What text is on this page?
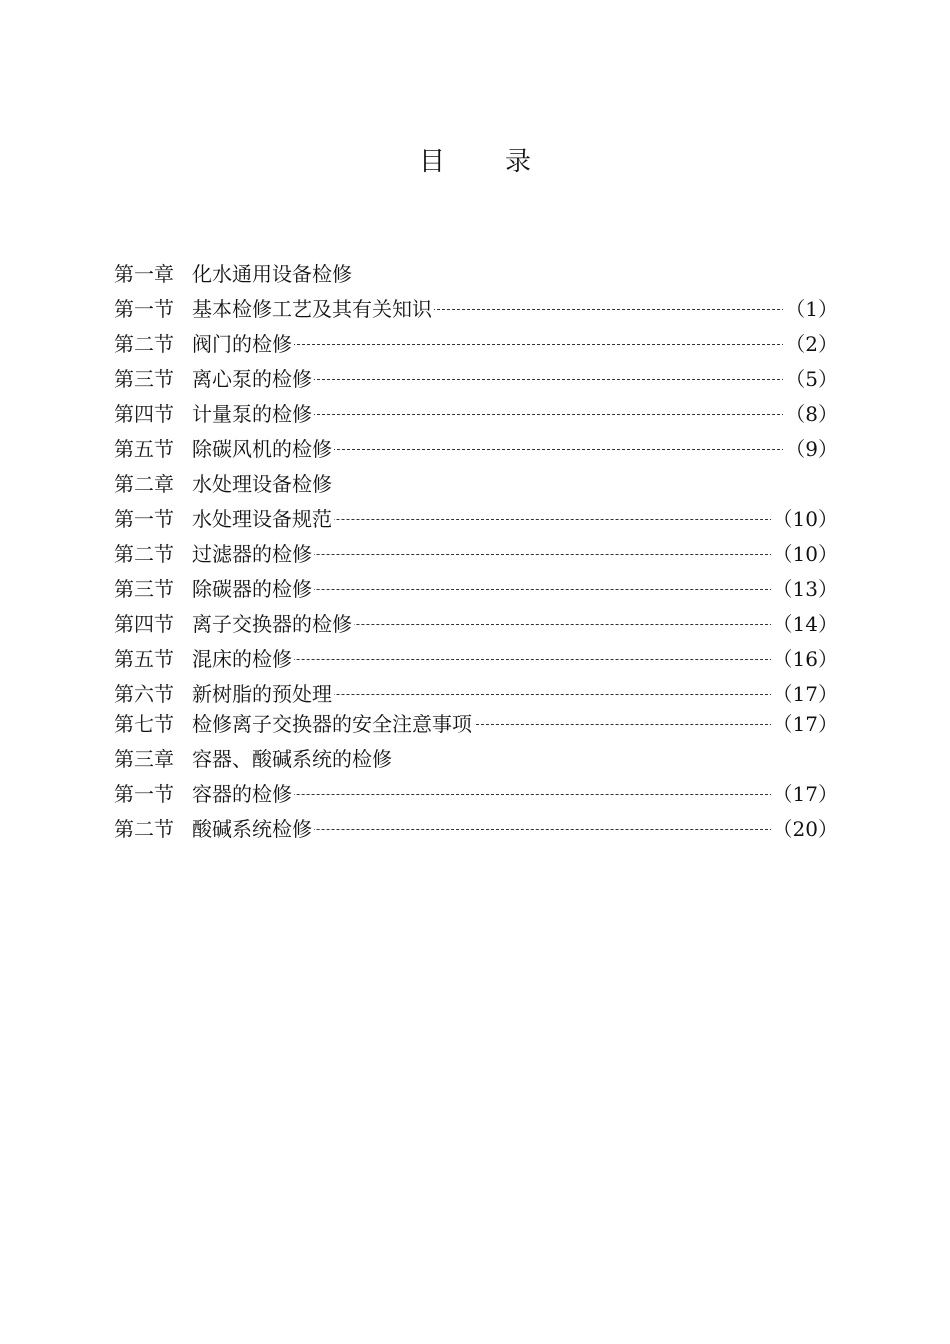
目 录
第一章 化水通用设备检修
第一节 基本检修工艺及其有关知识	（1）
第二节 阀门的检修	（2）
第三节 离心泵的检修	（5）
第四节 计量泵的检修	（8）
第五节 除碳风机的检修	（9）
第二章 水处理设备检修
第一节 水处理设备规范	（10）
第二节 过滤器的检修	（10）
第三节 除碳器的检修	（13）
第四节 离子交换器的检修	（14）
第五节 混床的检修	（16）
第六节 新树脂的预处理	（17）
第七节 检修离子交换器的安全注意事项	（17）
第三章 容器、酸碱系统的检修
第一节 容器的检修	（17）
第二节 酸碱系统检修	（20）
